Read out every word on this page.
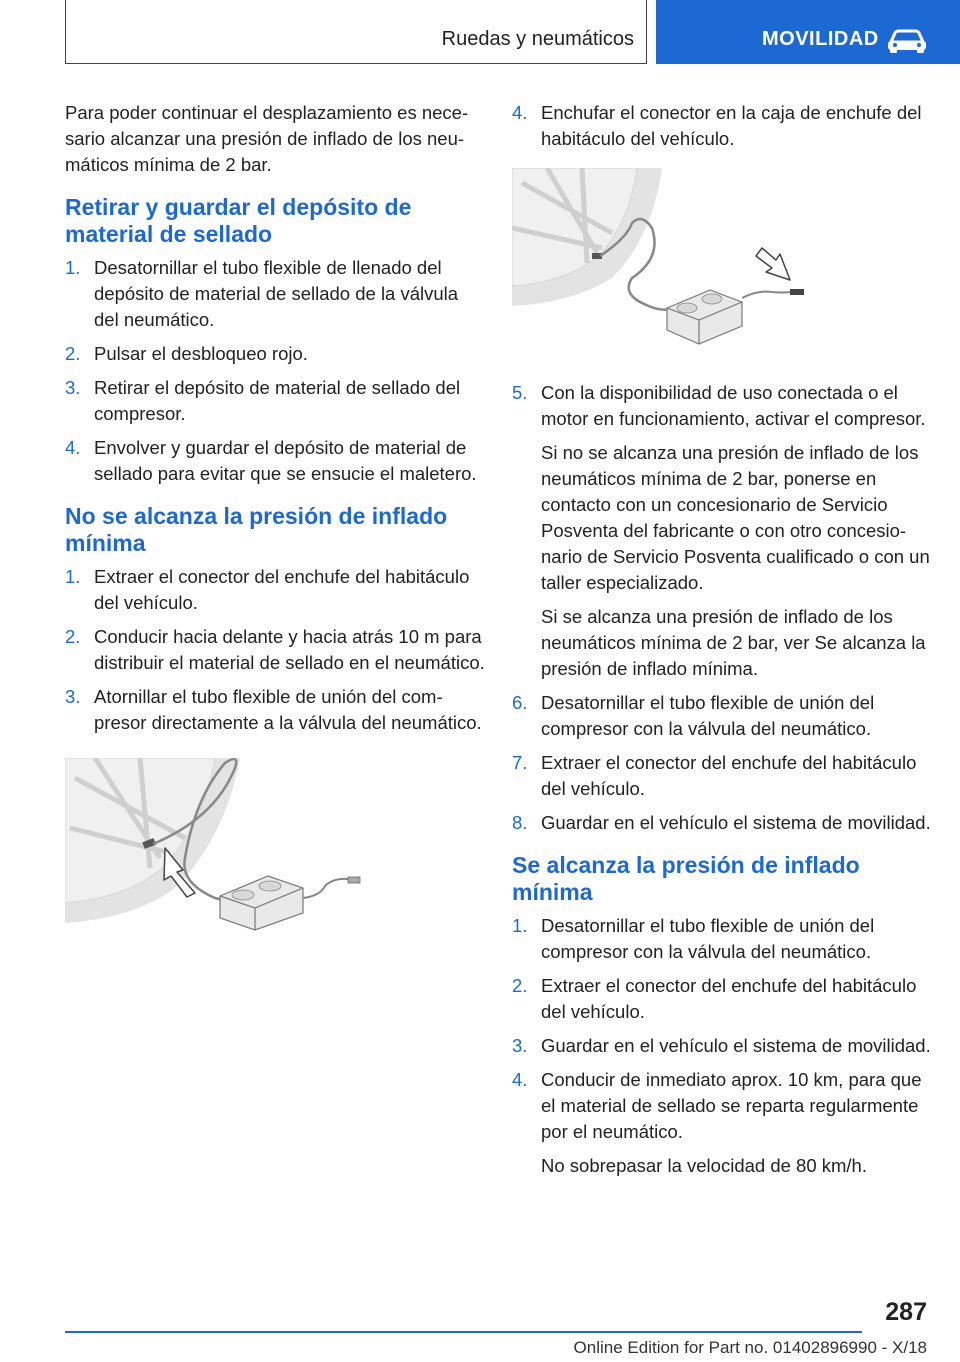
Ruedas y neumáticos	MOVILIDAD

Para poder continuar el desplazamiento es necesario alcanzar una presión de inflado de los neumáticos mínima de 2 bar.

Retirar y guardar el depósito de material de sellado
1. Desatornillar el tubo flexible de llenado del depósito de material de sellado de la válvula del neumático.
2. Pulsar el desbloqueo rojo.
3. Retirar el depósito de material de sellado del compresor.
4. Envolver y guardar el depósito de material de sellado para evitar que se ensucie el maletero.
No se alcanza la presión de inflado mínima
1. Extraer el conector del enchufe del habitáculo del vehículo.
2. Conducir hacia delante y hacia atrás 10 m para distribuir el material de sellado en el neumático.
3. Atornillar el tubo flexible de unión del compresor directamente a la válvula del neumático.
4. Enchufar el conector en la caja de enchufe del habitáculo del vehículo.
5. Con la disponibilidad de uso conectada o el motor en funcionamiento, activar el compresor.
Si no se alcanza una presión de inflado de los neumáticos mínima de 2 bar, ponerse en contacto con un concesionario de Servicio Posventa del fabricante o con otro concesionario de Servicio Posventa cualificado o con un taller especializado.
Si se alcanza una presión de inflado de los neumáticos mínima de 2 bar, ver Se alcanza la presión de inflado mínima.
6. Desatornillar el tubo flexible de unión del compresor con la válvula del neumático.
7. Extraer el conector del enchufe del habitáculo del vehículo.
8. Guardar en el vehículo el sistema de movilidad.
Se alcanza la presión de inflado mínima
1. Desatornillar el tubo flexible de unión del compresor con la válvula del neumático.
2. Extraer el conector del enchufe del habitáculo del vehículo.
3. Guardar en el vehículo el sistema de movilidad.
4. Conducir de inmediato aprox. 10 km, para que el material de sellado se reparta regularmente por el neumático.
No sobrepasar la velocidad de 80 km/h.
287
Online Edition for Part no. 01402896990 - X/18
